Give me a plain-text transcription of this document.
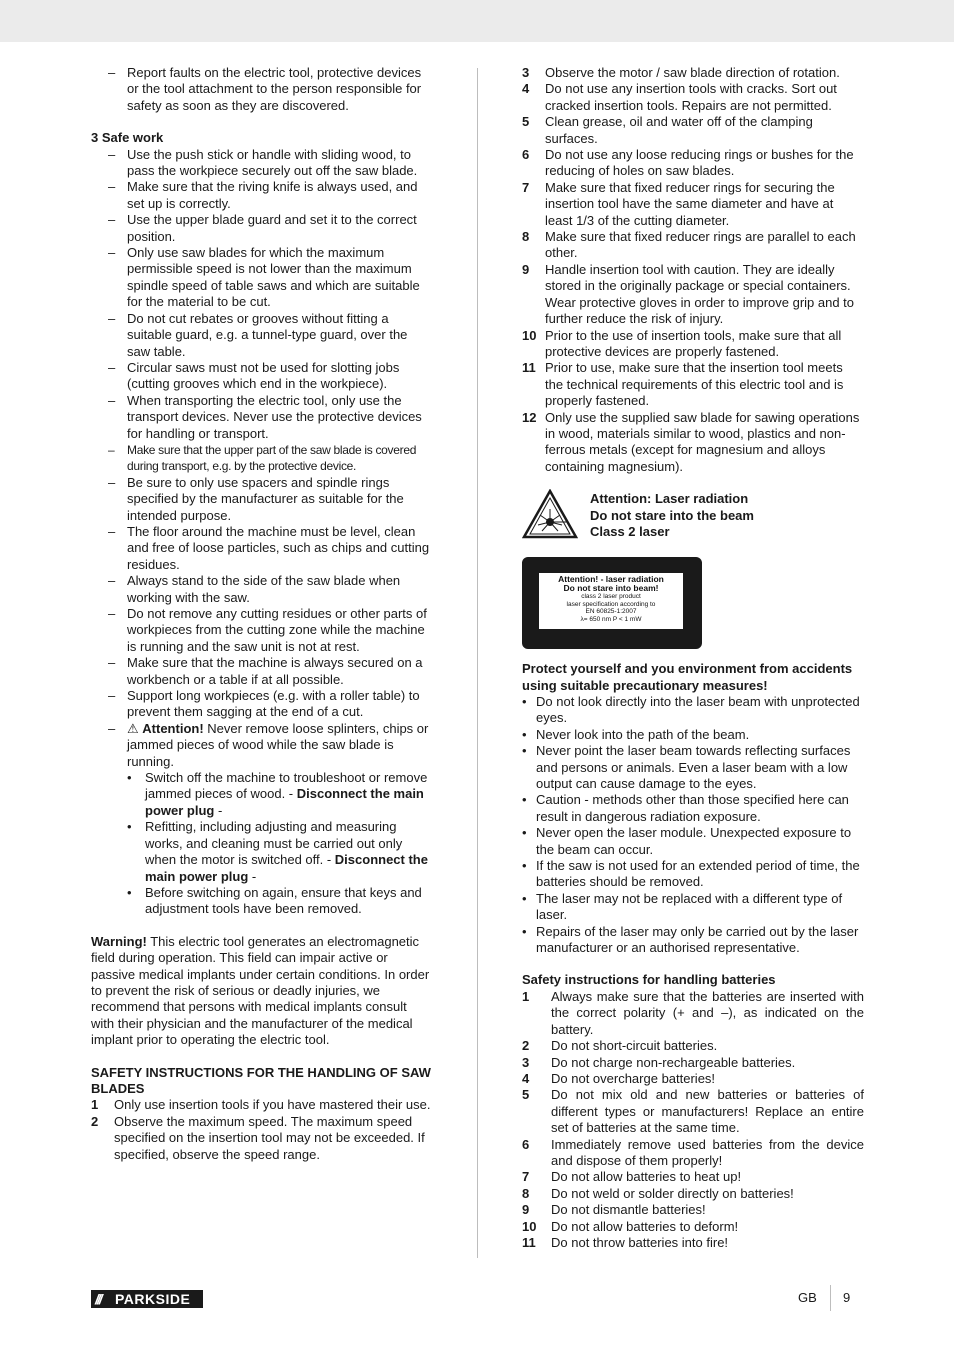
– Report faults on the electric tool, protective devices or the tool attachment to the person responsible for safety as soon as they are discovered.
3 Safe work
– Use the push stick or handle with sliding wood, to pass the workpiece securely out off the saw blade.
– Make sure that the riving knife is always used, and set up is correctly.
– Use the upper blade guard and set it to the correct position.
– Only use saw blades for which the maximum permissible speed is not lower than the maximum spindle speed of table saws and which are suitable for the material to be cut.
– Do not cut rebates or grooves without fitting a suitable guard, e.g. a tunnel-type guard, over the saw table.
– Circular saws must not be used for slotting jobs (cutting grooves which end in the workpiece).
– When transporting the electric tool, only use the transport devices. Never use the protective devices for handling or transport.
– Make sure that the upper part of the saw blade is covered during transport, e.g. by the protective device.
– Be sure to only use spacers and spindle rings specified by the manufacturer as suitable for the intended purpose.
– The floor around the machine must be level, clean and free of loose particles, such as chips and cutting residues.
– Always stand to the side of the saw blade when working with the saw.
– Do not remove any cutting residues or other parts of workpieces from the cutting zone while the machine is running and the saw unit is not at rest.
– Make sure that the machine is always secured on a workbench or a table if at all possible.
– Support long workpieces (e.g. with a roller table) to prevent them sagging at the end of a cut.
– ⚠ Attention! Never remove loose splinters, chips or jammed pieces of wood while the saw blade is running.
• Switch off the machine to troubleshoot or remove jammed pieces of wood. - Disconnect the main power plug -
• Refitting, including adjusting and measuring works, and cleaning must be carried out only when the motor is switched off. - Disconnect the main power plug -
• Before switching on again, ensure that keys and adjustment tools have been removed.
Warning! This electric tool generates an electromagnetic field during operation. This field can impair active or passive medical implants under certain conditions. In order to prevent the risk of serious or deadly injuries, we recommend that persons with medical implants consult with their physician and the manufacturer of the medical implant prior to operating the electric tool.
SAFETY INSTRUCTIONS FOR THE HANDLING OF SAW BLADES
1 Only use insertion tools if you have mastered their use.
2 Observe the maximum speed. The maximum speed specified on the insertion tool may not be exceeded. If specified, observe the speed range.
3 Observe the motor / saw blade direction of rotation.
4 Do not use any insertion tools with cracks. Sort out cracked insertion tools. Repairs are not permitted.
5 Clean grease, oil and water off of the clamping surfaces.
6 Do not use any loose reducing rings or bushes for the reducing of holes on saw blades.
7 Make sure that fixed reducer rings for securing the insertion tool have the same diameter and have at least 1/3 of the cutting diameter.
8 Make sure that fixed reducer rings are parallel to each other.
9 Handle insertion tool with caution. They are ideally stored in the originally package or special containers. Wear protective gloves in order to improve grip and to further reduce the risk of injury.
10 Prior to the use of insertion tools, make sure that all protective devices are properly fastened.
11 Prior to use, make sure that the insertion tool meets the technical requirements of this electric tool and is properly fastened.
12 Only use the supplied saw blade for sawing operations in wood, materials similar to wood, plastics and non-ferrous metals (except for magnesium and alloys containing magnesium).
Attention: Laser radiation
Do not stare into the beam
Class 2 laser
Attention! - laser radiation
Do not stare into beam!
class 2 laser product
laser specification according to
EN 60825-1:2007
λ= 650 nm P < 1 mW
Protect yourself and you environment from accidents using suitable precautionary measures!
• Do not look directly into the laser beam with unprotected eyes.
• Never look into the path of the beam.
• Never point the laser beam towards reflecting surfaces and persons or animals. Even a laser beam with a low output can cause damage to the eyes.
• Caution - methods other than those specified here can result in dangerous radiation exposure.
• Never open the laser module. Unexpected exposure to the beam can occur.
• If the saw is not used for an extended period of time, the batteries should be removed.
• The laser may not be replaced with a different type of laser.
• Repairs of the laser may only be carried out by the laser manufacturer or an authorised representative.
Safety instructions for handling batteries
1 Always make sure that the batteries are inserted with the correct polarity (+ and –), as indicated on the battery.
2 Do not short-circuit batteries.
3 Do not charge non-rechargeable batteries.
4 Do not overcharge batteries!
5 Do not mix old and new batteries or batteries of different types or manufacturers! Replace an entire set of batteries at the same time.
6 Immediately remove used batteries from the device and dispose of them properly!
7 Do not allow batteries to heat up!
8 Do not weld or solder directly on batteries!
9 Do not dismantle batteries!
10 Do not allow batteries to deform!
11 Do not throw batteries into fire!
/// PARKSIDE	GB 9
